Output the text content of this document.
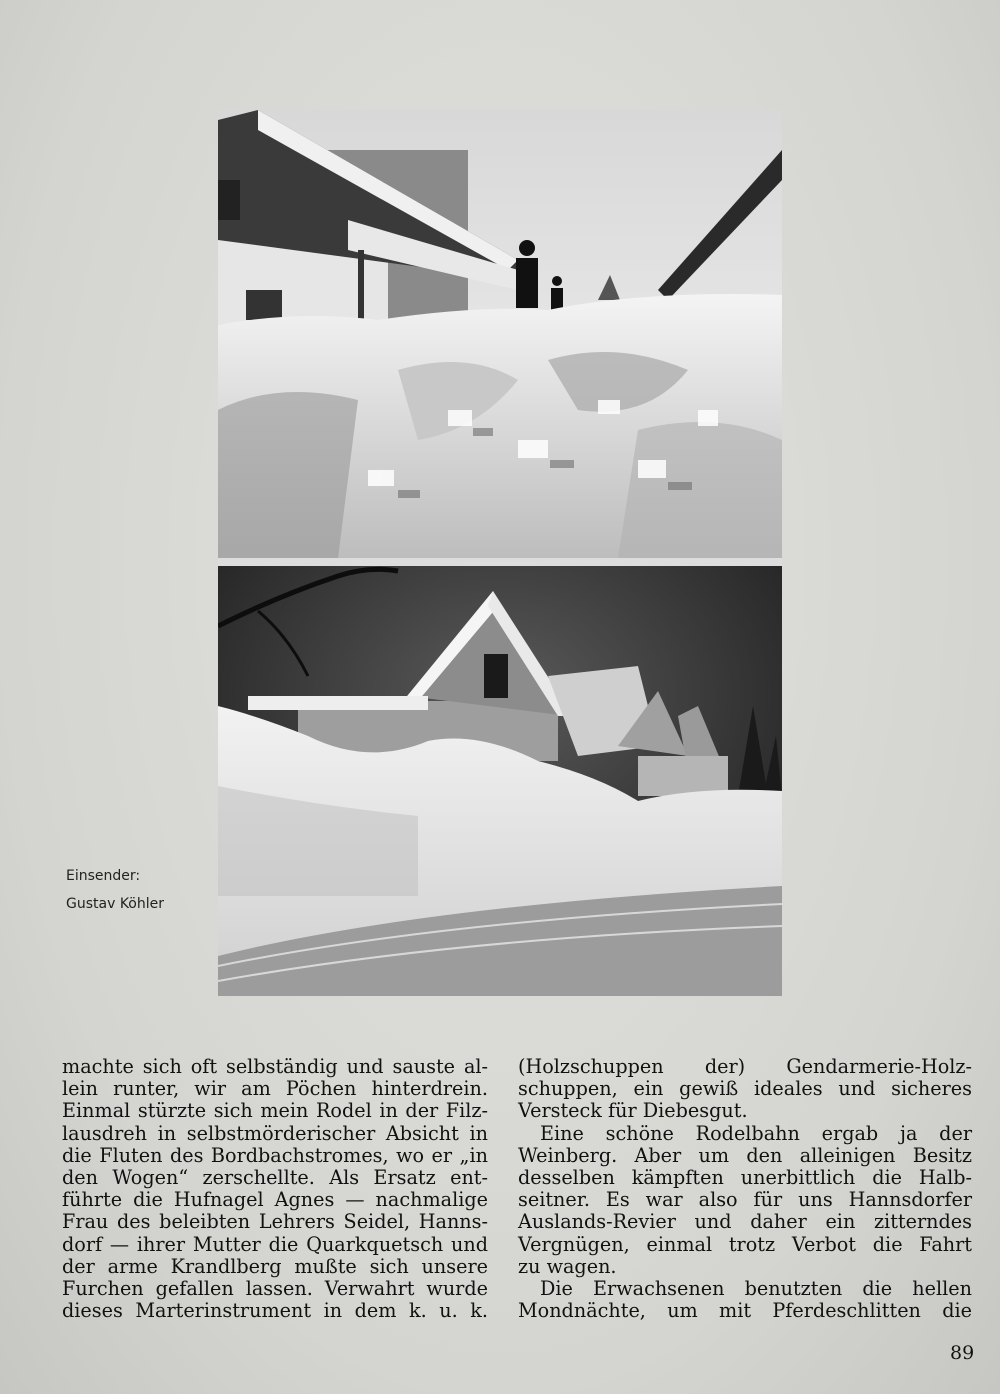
Einsender:
Gustav Köhler
machte sich oft selbständig und sauste al-
lein runter, wir am Pöchen hinterdrein.
Einmal stürzte sich mein Rodel in der Filz-
lausdreh in selbstmörderischer Absicht in
die Fluten des Bordbachstromes, wo er „in
den Wogen“ zerschellte. Als Ersatz ent-
führte die Hufnagel Agnes — nachmalige
Frau des beleibten Lehrers Seidel, Hanns-
dorf — ihrer Mutter die Quarkquetsch und
der arme Krandlberg mußte sich unsere
Furchen gefallen lassen. Verwahrt wurde
dieses Marterinstrument in dem k. u. k.
(Holzschuppen der) Gendarmerie-Holz-
schuppen, ein gewiß ideales und sicheres
Versteck für Diebesgut.
Eine schöne Rodelbahn ergab ja der
Weinberg. Aber um den alleinigen Besitz
desselben kämpften unerbittlich die Halb-
seitner. Es war also für uns Hannsdorfer
Auslands-Revier und daher ein zitterndes
Vergnügen, einmal trotz Verbot die Fahrt
zu wagen.
Die Erwachsenen benutzten die hellen
Mondnächte, um mit Pferdeschlitten die
89
